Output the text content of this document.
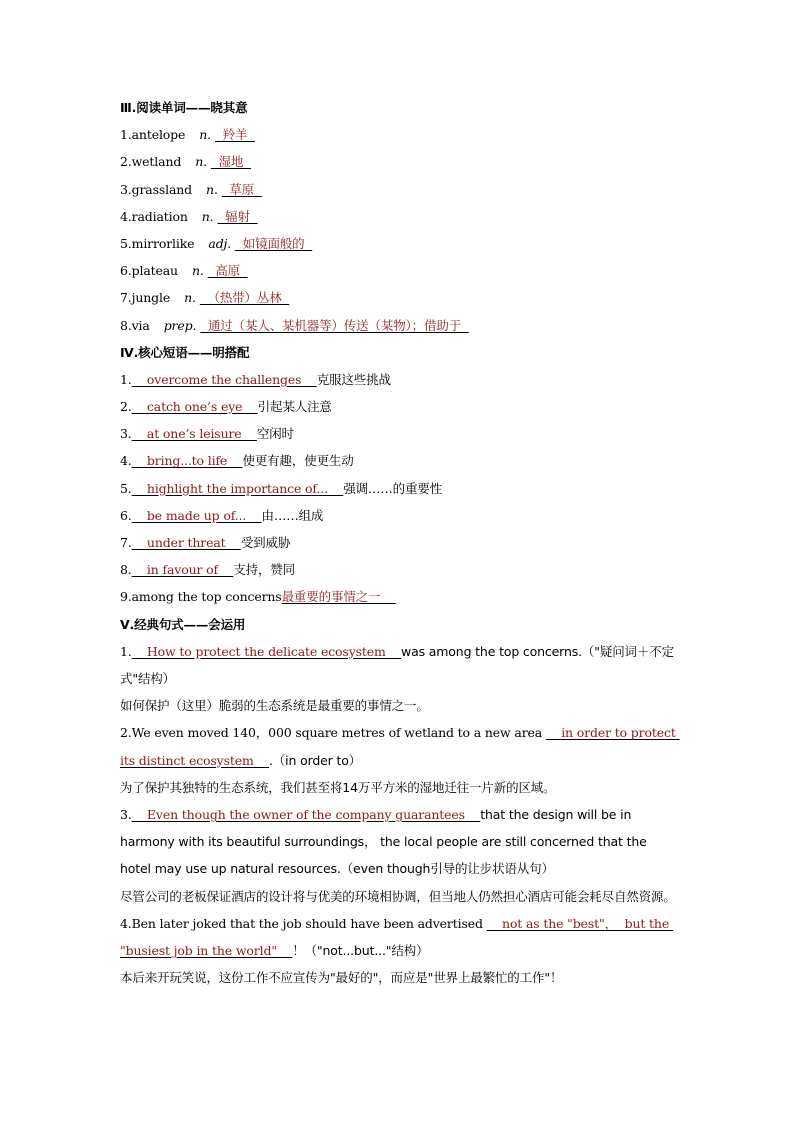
Ⅲ.阅读单词——晓其意
1.antelope n.  羚羊
2.wetland n.  湿地
3.grassland n.  草原
4.radiation n.  辐射
5.mirrorlike adj.  如镜面般的
6.plateau n.  高原
7.jungle n.  （热带）丛林
8.via prep.  通过（某人、某机器等）传送（某物）；借助于
Ⅳ.核心短语——明搭配
1.    overcome the challenges    克服这些挑战
2.    catch one’s eye    引起某人注意
3.    at one’s leisure    空闲时
4.    bring...to life    使更有趣，使更生动
5.    highlight the importance of...    强调……的重要性
6.    be made up of...    由……组成
7.    under threat    受到威胁
8.    in favour of    支持，赞同
9.among the top concerns最重要的事情之一
Ⅴ.经典句式——会运用
1.    How to protect the delicate ecosystem    was among the top concerns.（"疑问词＋不定式"结构）
如何保护（这里）脆弱的生态系统是最重要的事情之一。
2.We even moved 140，000 square metres of wetland to a new area     in order to protect its distinct ecosystem    .（in order to）
为了保护其独特的生态系统，我们甚至将14万平方米的湿地迁往一片新的区域。
3.    Even though the owner of the company guarantees    that the design will be in harmony with its beautiful surroundings， the local people are still concerned that the hotel may use up natural resources.（even though引导的让步状语从句）
尽管公司的老板保证酒店的设计将与优美的环境相协调，但当地人仍然担心酒店可能会耗尽自然资源。
4.Ben later joked that the job should have been advertised     not as the "best"，  but the "busiest job in the world"    ！（"not...but..."结构）
本后来开玩笑说，这份工作不应宣传为"最好的"，而应是"世界上最繁忙的工作"！
